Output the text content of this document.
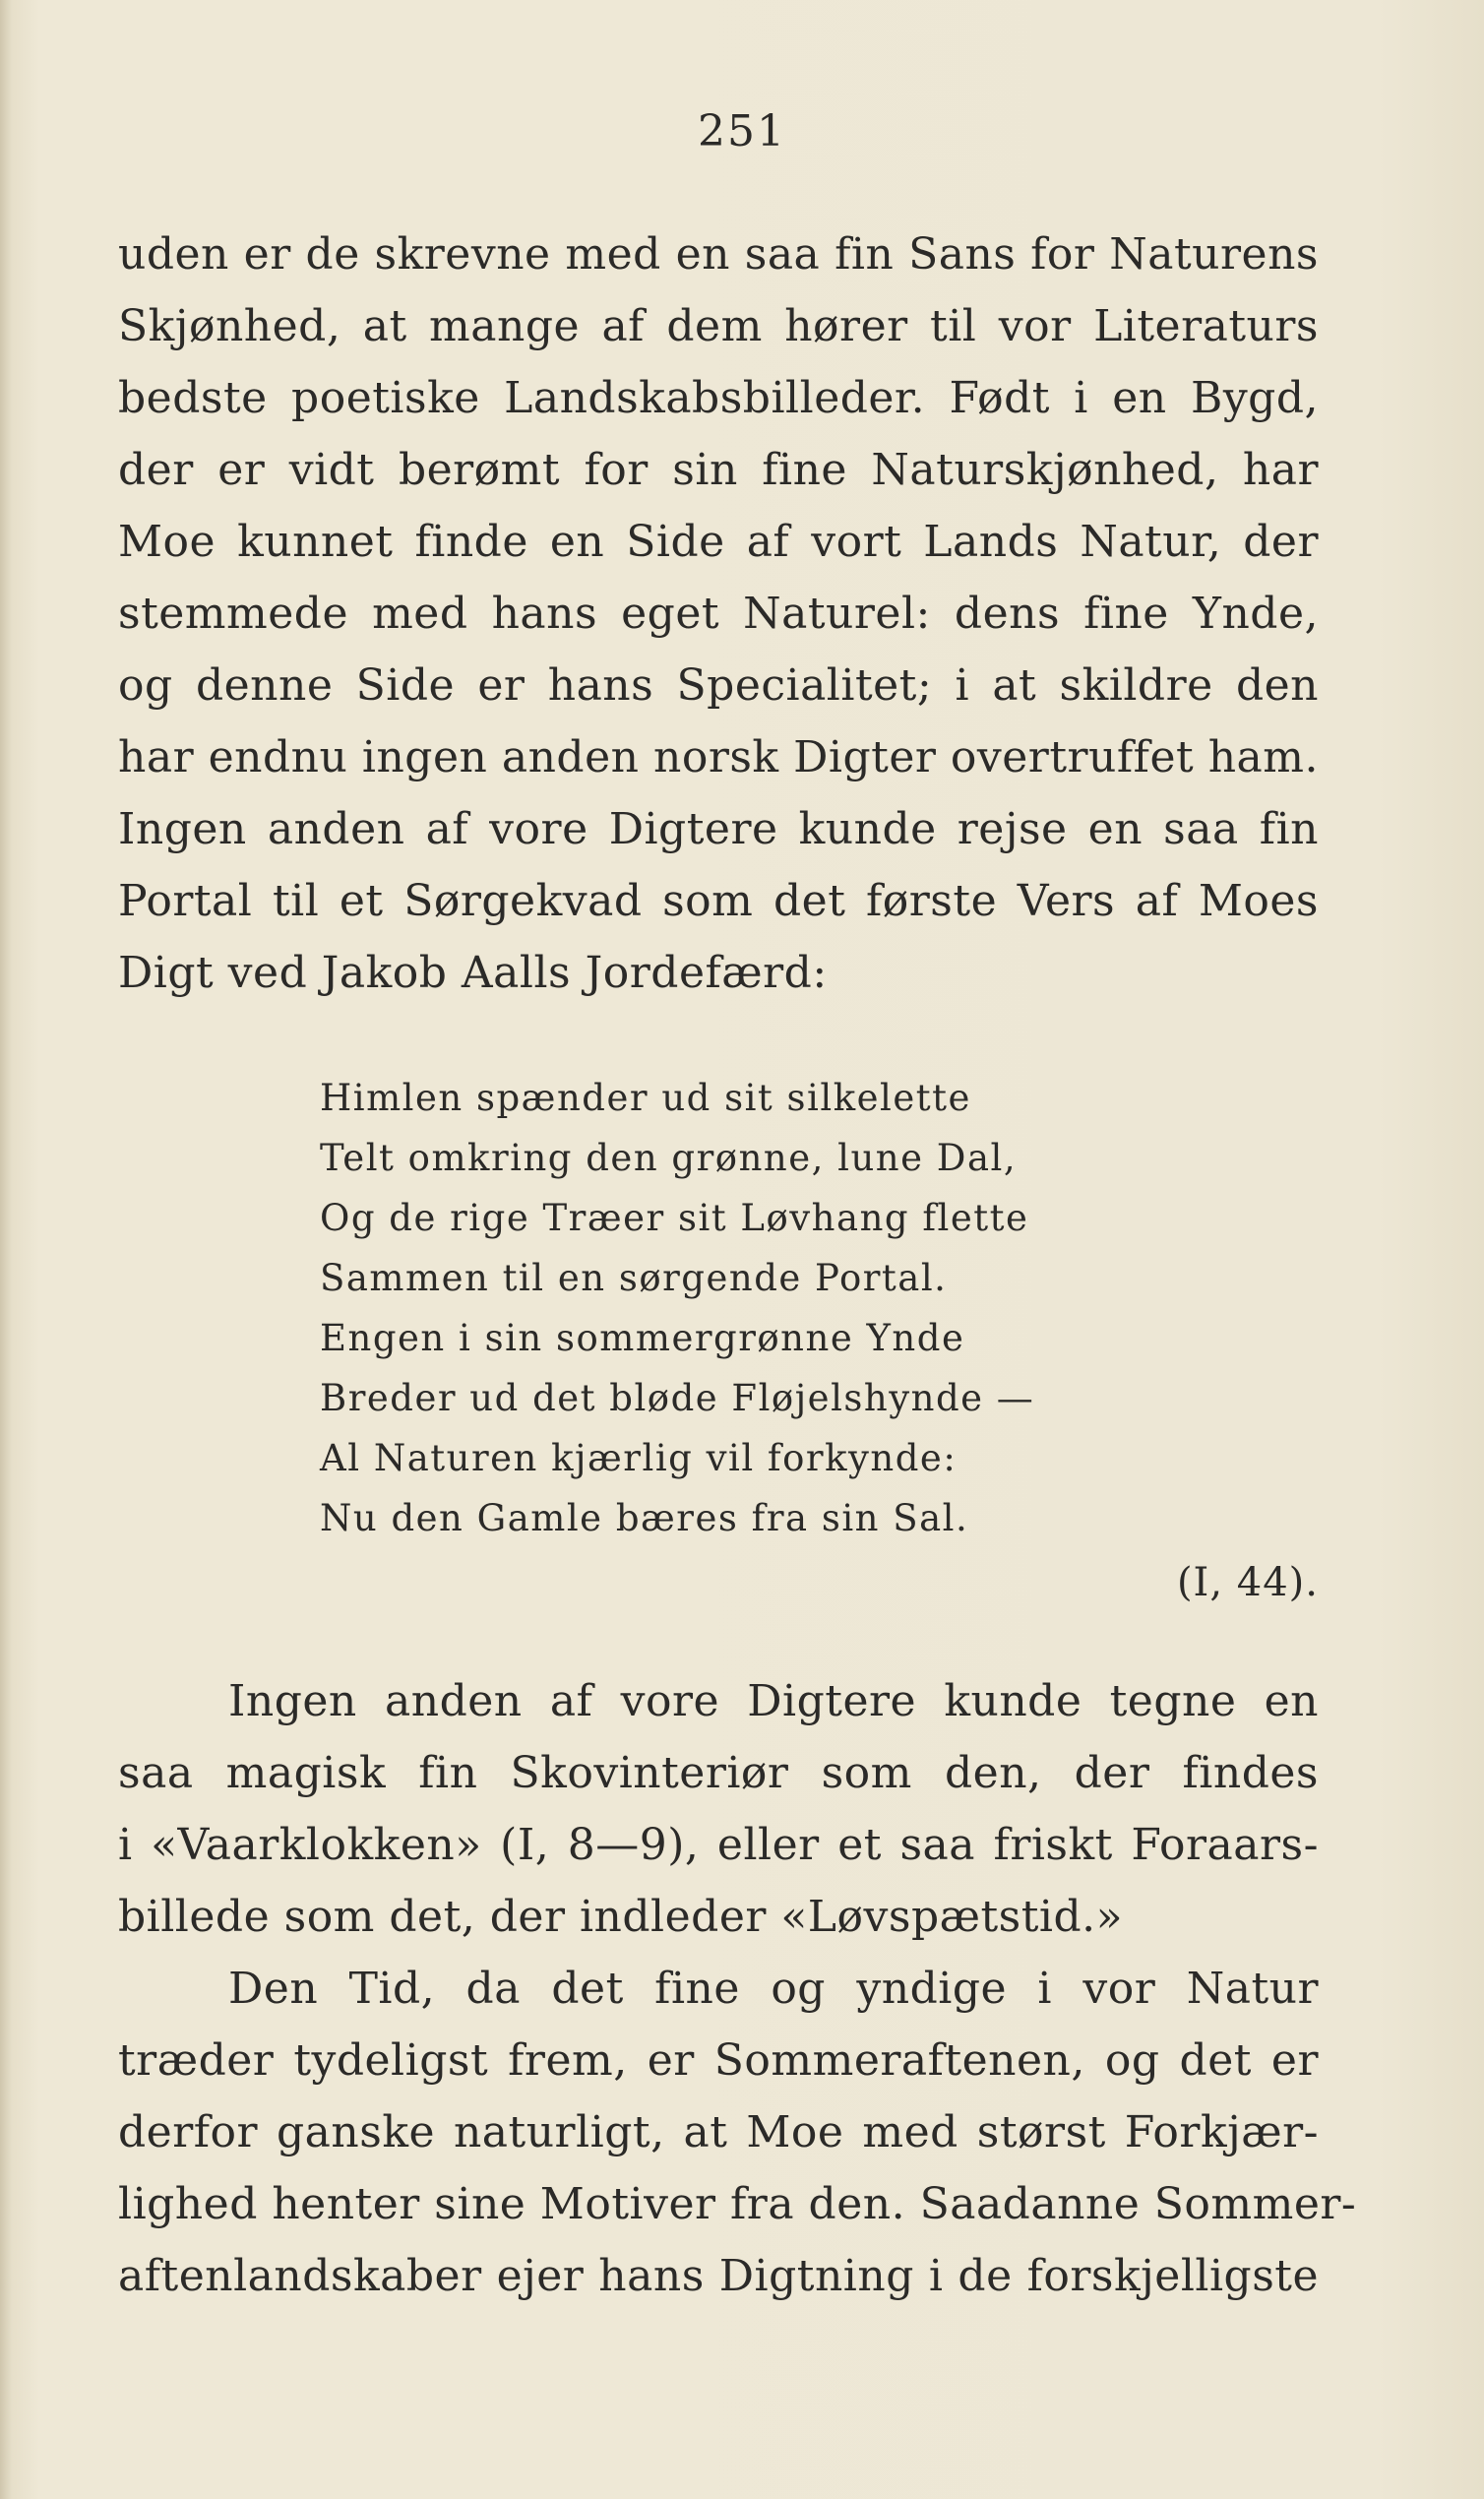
251
uden er de skrevne med en saa fin Sans for Naturens
Skjønhed, at mange af dem hører til vor Literaturs
bedste poetiske Landskabsbilleder. Født i en Bygd,
der er vidt berømt for sin fine Naturskjønhed, har
Moe kunnet finde en Side af vort Lands Natur, der
stemmede med hans eget Naturel: dens fine Ynde,
og denne Side er hans Specialitet; i at skildre den
har endnu ingen anden norsk Digter overtruffet ham.
Ingen anden af vore Digtere kunde rejse en saa fin
Portal til et Sørgekvad som det første Vers af Moes
Digt ved Jakob Aalls Jordefærd:
Himlen spænder ud sit silkelette
Telt omkring den grønne, lune Dal,
Og de rige Træer sit Løvhang flette
Sammen til en sørgende Portal.
Engen i sin sommergrønne Ynde
Breder ud det bløde Fløjelshynde —
Al Naturen kjærlig vil forkynde:
Nu den Gamle bæres fra sin Sal.
(I, 44).
Ingen anden af vore Digtere kunde tegne en
saa magisk fin Skovinteriør som den, der findes
i «Vaarklokken» (I, 8—9), eller et saa friskt Foraars-
billede som det, der indleder «Løvspætstid.»
Den Tid, da det fine og yndige i vor Natur
træder tydeligst frem, er Sommeraftenen, og det er
derfor ganske naturligt, at Moe med størst Forkjær-
lighed henter sine Motiver fra den. Saadanne Sommer-
aftenlandskaber ejer hans Digtning i de forskjelligste
